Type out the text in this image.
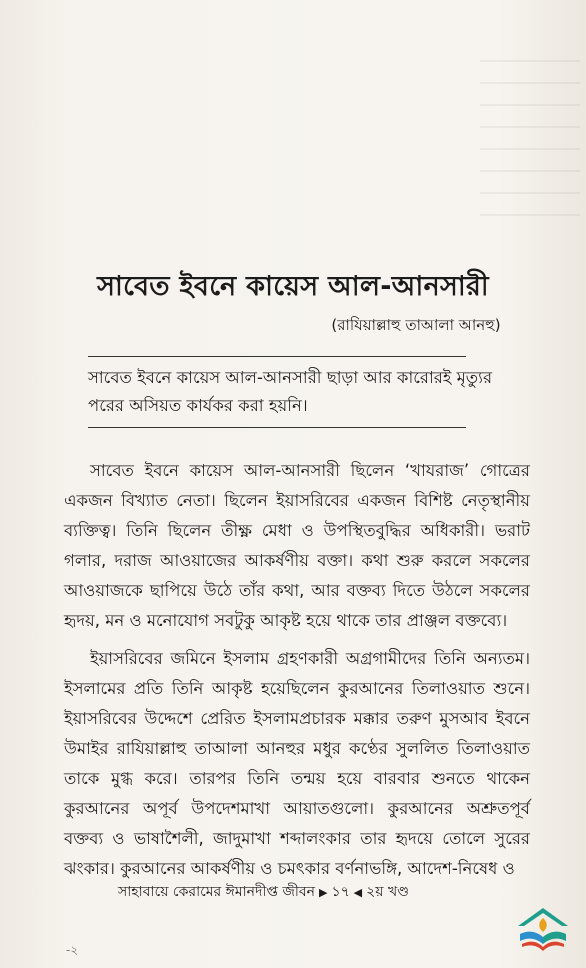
সাবেত ইবনে কায়েস আল-আনসারী
(রাযিয়াল্লাহু তাআলা আনহু)
সাবেত ইবনে কায়েস আল-আনসারী ছাড়া আর কারোরই মৃত্যুর পরের অসিয়ত কার্যকর করা হয়নি।

সাবেত ইবনে কায়েস আল-আনসারী ছিলেন ‘খাযরাজ’ গোত্রের একজন বিখ্যাত নেতা। ছিলেন ইয়াসরিবের একজন বিশিষ্ট নেতৃস্থানীয় ব্যক্তিত্ব। তিনি ছিলেন তীক্ষ্ণ মেধা ও উপস্থিতবুদ্ধির অধিকারী। ভরাট গলার, দরাজ আওয়াজের আকর্ষণীয় বক্তা। কথা শুরু করলে সকলের আওয়াজকে ছাপিয়ে উঠে তাঁর কথা, আর বক্তব্য দিতে উঠলে সকলের হৃদয়, মন ও মনোযোগ সবটুকু আকৃষ্ট হয়ে থাকে তার প্রাঞ্জল বক্তব্যে।

ইয়াসরিবের জমিনে ইসলাম গ্রহণকারী অগ্রগামীদের তিনি অন্যতম। ইসলামের প্রতি তিনি আকৃষ্ট হয়েছিলেন কুরআনের তিলাওয়াত শুনে। ইয়াসরিবের উদ্দেশে প্রেরিত ইসলামপ্রচারক মক্কার তরুণ মুসআব ইবনে উমাইর রাযিয়াল্লাহু তাআলা আনহুর মধুর কণ্ঠের সুললিত তিলাওয়াত তাকে মুগ্ধ করে। তারপর তিনি তন্ময় হয়ে বারবার শুনতে থাকেন কুরআনের অপূর্ব উপদেশমাখা আয়াতগুলো। কুরআনের অশ্রুতপূর্ব বক্তব্য ও ভাষাশৈলী, জাদুমাখা শব্দালংকার তার হৃদয়ে তোলে সুরের ঝংকার। কুরআনের আকর্ষণীয় ও চমৎকার বর্ণনাভঙ্গি, আদেশ-নিষেধ ও

সাহাবায়ে কেরামের ঈমানদীপ্ত জীবন ▶ ১৭ ◀ ২য় খণ্ড
-২
